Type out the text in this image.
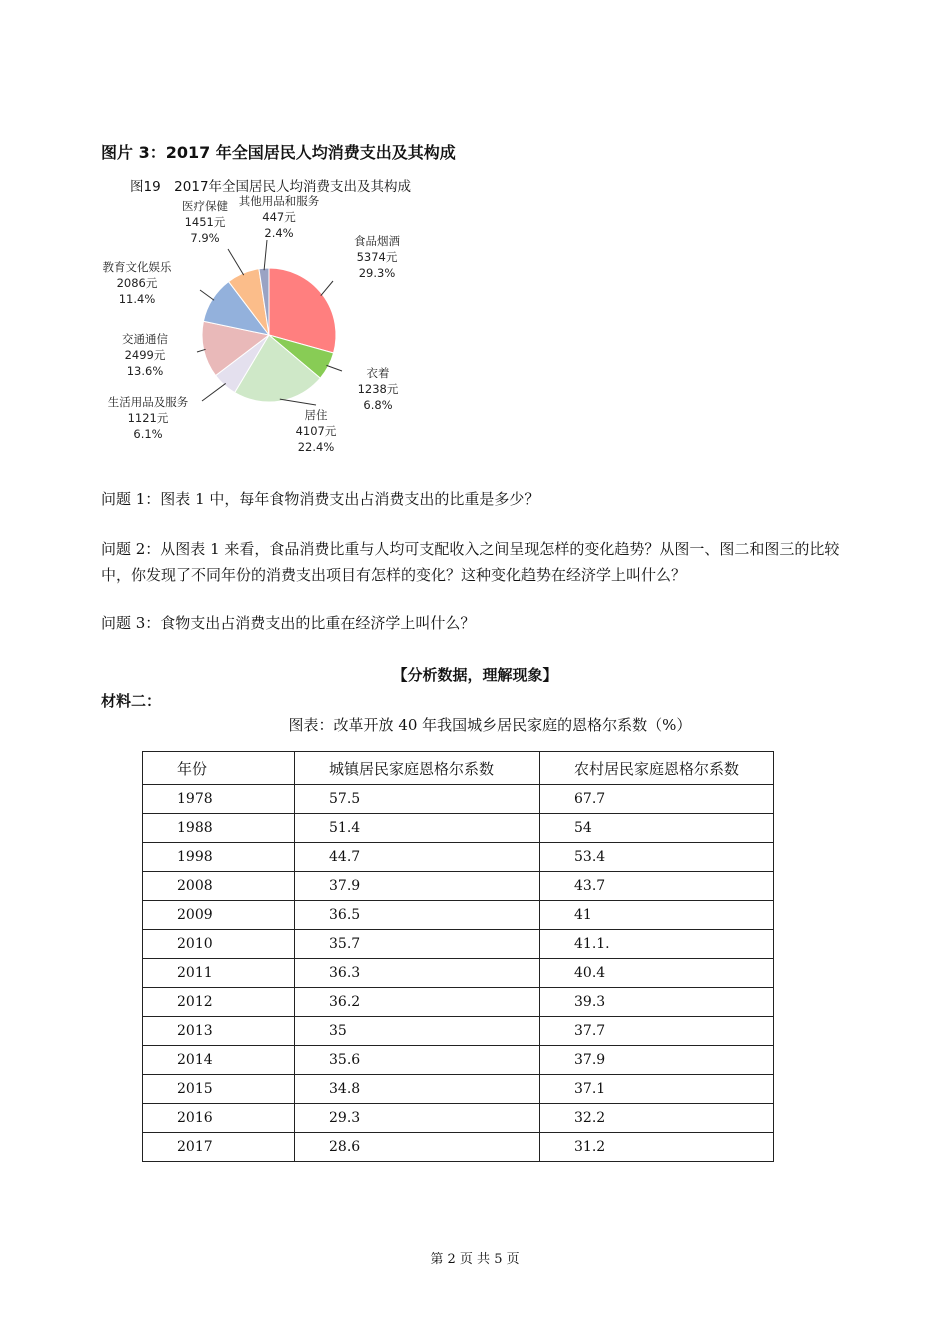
图片 3：2017 年全国居民人均消费支出及其构成
图19　2017年全国居民人均消费支出及其构成
食品烟酒
5374元
29.3%
衣着
1238元
6.8%
居住
4107元
22.4%
生活用品及服务
1121元
6.1%
交通通信
2499元
13.6%
教育文化娱乐
2086元
11.4%
医疗保健
1451元
7.9%
其他用品和服务
447元
2.4%
问题 1：图表 1 中，每年食物消费支出占消费支出的比重是多少？
问题 2：从图表 1 来看，食品消费比重与人均可支配收入之间呈现怎样的变化趋势？从图一、图二和图三的比较中，你发现了不同年份的消费支出项目有怎样的变化？这种变化趋势在经济学上叫什么？
问题 3：食物支出占消费支出的比重在经济学上叫什么？
【分析数据，理解现象】
材料二：
图表：改革开放 40 年我国城乡居民家庭的恩格尔系数（%）
年份	城镇居民家庭恩格尔系数	农村居民家庭恩格尔系数
1978	57.5	67.7
1988	51.4	54
1998	44.7	53.4
2008	37.9	43.7
2009	36.5	41
2010	35.7	41.1.
2011	36.3	40.4
2012	36.2	39.3
2013	35	37.7
2014	35.6	37.9
2015	34.8	37.1
2016	29.3	32.2
2017	28.6	31.2
第 2 页 共 5 页
